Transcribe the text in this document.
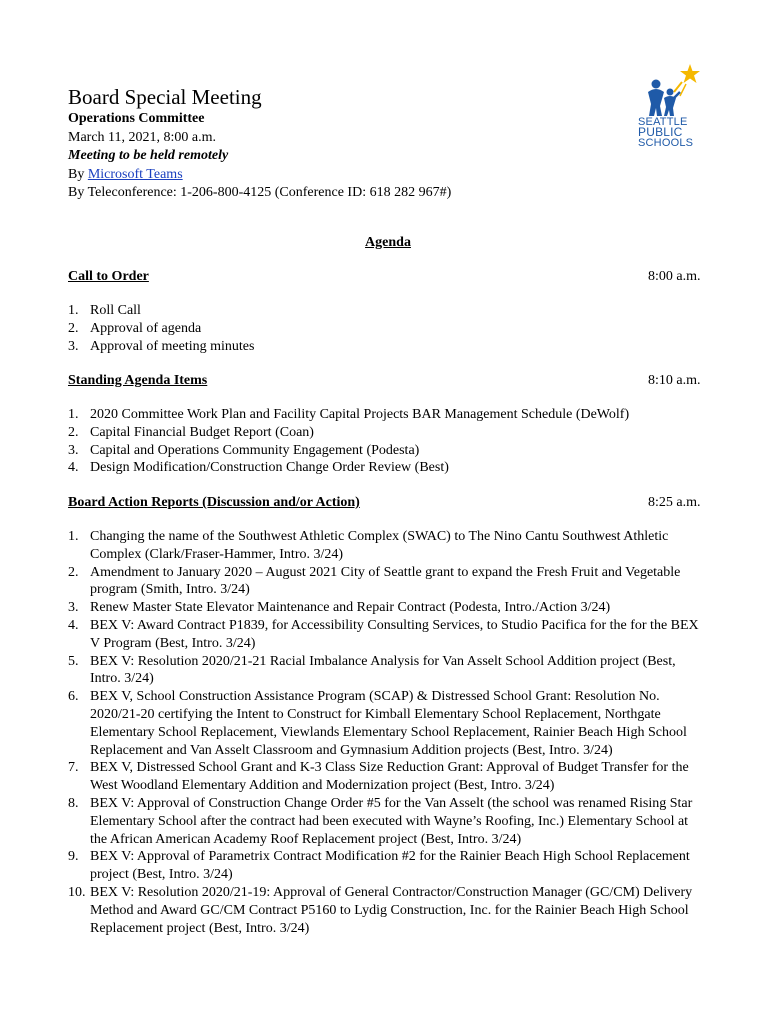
SEATTLE
PUBLIC
SCHOOLS
Board Special Meeting
Operations Committee
March 11, 2021, 8:00 a.m.
Meeting to be held remotely
By Microsoft Teams
By Teleconference: 1-206-800-4125 (Conference ID: 618 282 967#)
Agenda
Call to Order	8:00 a.m.
1. Roll Call
2. Approval of agenda
3. Approval of meeting minutes
Standing Agenda Items	8:10 a.m.
1. 2020 Committee Work Plan and Facility Capital Projects BAR Management Schedule (DeWolf)
2. Capital Financial Budget Report (Coan)
3. Capital and Operations Community Engagement (Podesta)
4. Design Modification/Construction Change Order Review (Best)
Board Action Reports (Discussion and/or Action)	8:25 a.m.
1. Changing the name of the Southwest Athletic Complex (SWAC) to The Nino Cantu Southwest Athletic Complex (Clark/Fraser-Hammer, Intro. 3/24)
2. Amendment to January 2020 – August 2021 City of Seattle grant to expand the Fresh Fruit and Vegetable program (Smith, Intro. 3/24)
3. Renew Master State Elevator Maintenance and Repair Contract (Podesta, Intro./Action 3/24)
4. BEX V: Award Contract P1839, for Accessibility Consulting Services, to Studio Pacifica for the for the BEX V Program (Best, Intro. 3/24)
5. BEX V: Resolution 2020/21-21 Racial Imbalance Analysis for Van Asselt School Addition project (Best, Intro. 3/24)
6. BEX V, School Construction Assistance Program (SCAP) & Distressed School Grant: Resolution No. 2020/21-20 certifying the Intent to Construct for Kimball Elementary School Replacement, Northgate Elementary School Replacement, Viewlands Elementary School Replacement, Rainier Beach High School Replacement and Van Asselt Classroom and Gymnasium Addition projects (Best, Intro. 3/24)
7. BEX V, Distressed School Grant and K-3 Class Size Reduction Grant: Approval of Budget Transfer for the West Woodland Elementary Addition and Modernization project (Best, Intro. 3/24)
8. BEX V: Approval of Construction Change Order #5 for the Van Asselt (the school was renamed Rising Star Elementary School after the contract had been executed with Wayne’s Roofing, Inc.) Elementary School at the African American Academy Roof Replacement project (Best, Intro. 3/24)
9. BEX V: Approval of Parametrix Contract Modification #2 for the Rainier Beach High School Replacement project (Best, Intro. 3/24)
10. BEX V: Resolution 2020/21-19: Approval of General Contractor/Construction Manager (GC/CM) Delivery Method and Award GC/CM Contract P5160 to Lydig Construction, Inc. for the Rainier Beach High School Replacement project (Best, Intro. 3/24)
